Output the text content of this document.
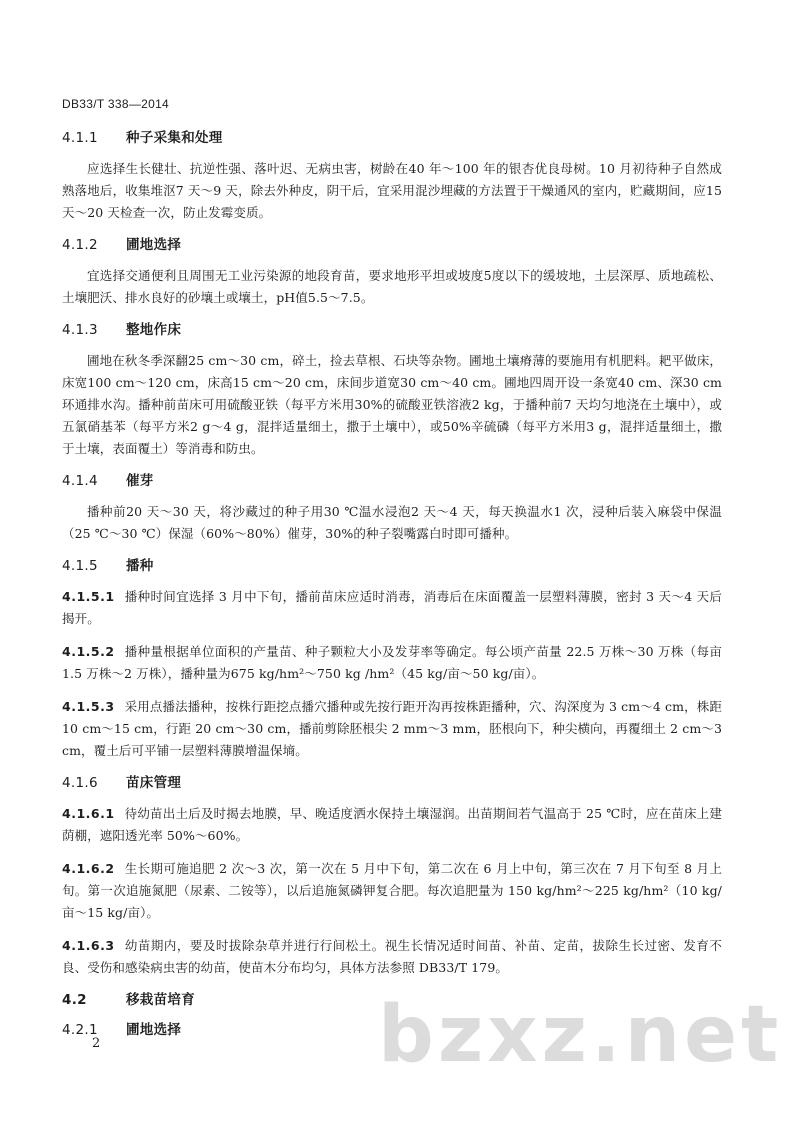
DB33/T 338—2014
4.1.1 种子采集和处理

应选择生长健壮、抗逆性强、落叶迟、无病虫害，树龄在40 年～100 年的银杏优良母树。10 月初待种子自然成熟落地后，收集堆沤7 天～9 天，除去外种皮，阴干后，宜采用混沙埋藏的方法置于干燥通风的室内，贮藏期间，应15 天～20 天检查一次，防止发霉变质。

4.1.2 圃地选择

宜选择交通便利且周围无工业污染源的地段育苗，要求地形平坦或坡度5度以下的缓坡地，土层深厚、质地疏松、土壤肥沃、排水良好的砂壤土或壤土，pH值5.5～7.5。

4.1.3 整地作床

圃地在秋冬季深翻25 cm～30 cm，碎土，捡去草根、石块等杂物。圃地土壤瘠薄的要施用有机肥料。耙平做床，床宽100 cm～120 cm，床高15 cm～20 cm，床间步道宽30 cm～40 cm。圃地四周开设一条宽40 cm、深30 cm环通排水沟。播种前苗床可用硫酸亚铁（每平方米用30%的硫酸亚铁溶液2 kg，于播种前7 天均匀地浇在土壤中），或五氯硝基苯（每平方米2 g～4 g，混拌适量细土，撒于土壤中），或50%辛硫磷（每平方米用3 g，混拌适量细土，撒于土壤，表面覆土）等消毒和防虫。

4.1.4 催芽

播种前20 天～30 天，将沙藏过的种子用30 ℃温水浸泡2 天～4 天，每天换温水1 次，浸种后装入麻袋中保温（25 ℃～30 ℃）保湿（60%～80%）催芽，30%的种子裂嘴露白时即可播种。

4.1.5 播种

4.1.5.1 播种时间宜选择 3 月中下旬，播前苗床应适时消毒，消毒后在床面覆盖一层塑料薄膜，密封 3 天～4 天后揭开。

4.1.5.2 播种量根据单位面积的产量苗、种子颗粒大小及发芽率等确定。每公顷产苗量 22.5 万株～30 万株（每亩 1.5 万株～2 万株），播种量为675 kg/hm²～750 kg /hm²（45 kg/亩～50 kg/亩）。

4.1.5.3 采用点播法播种，按株行距挖点播穴播种或先按行距开沟再按株距播种，穴、沟深度为 3 cm～4 cm，株距 10 cm～15 cm，行距 20 cm～30 cm，播前剪除胚根尖 2 mm～3 mm，胚根向下，种尖横向，再覆细土 2 cm～3 cm，覆土后可平铺一层塑料薄膜增温保墒。

4.1.6 苗床管理

4.1.6.1 待幼苗出土后及时揭去地膜，早、晚适度洒水保持土壤湿润。出苗期间若气温高于 25 ℃时，应在苗床上建荫棚，遮阳透光率 50%～60%。

4.1.6.2 生长期可施追肥 2 次～3 次，第一次在 5 月中下旬，第二次在 6 月上中旬，第三次在 7 月下旬至 8 月上旬。第一次追施氮肥（尿素、二铵等），以后追施氮磷钾复合肥。每次追肥量为 150 kg/hm²～225 kg/hm²（10 kg/亩～15 kg/亩）。

4.1.6.3 幼苗期内，要及时拔除杂草并进行行间松土。视生长情况适时间苗、补苗、定苗，拔除生长过密、发育不良、受伤和感染病虫害的幼苗，使苗木分布均匀，具体方法参照 DB33/T 179。

4.2	移栽苗培育
4.2.1 圃地选择	bzxz.net
2
